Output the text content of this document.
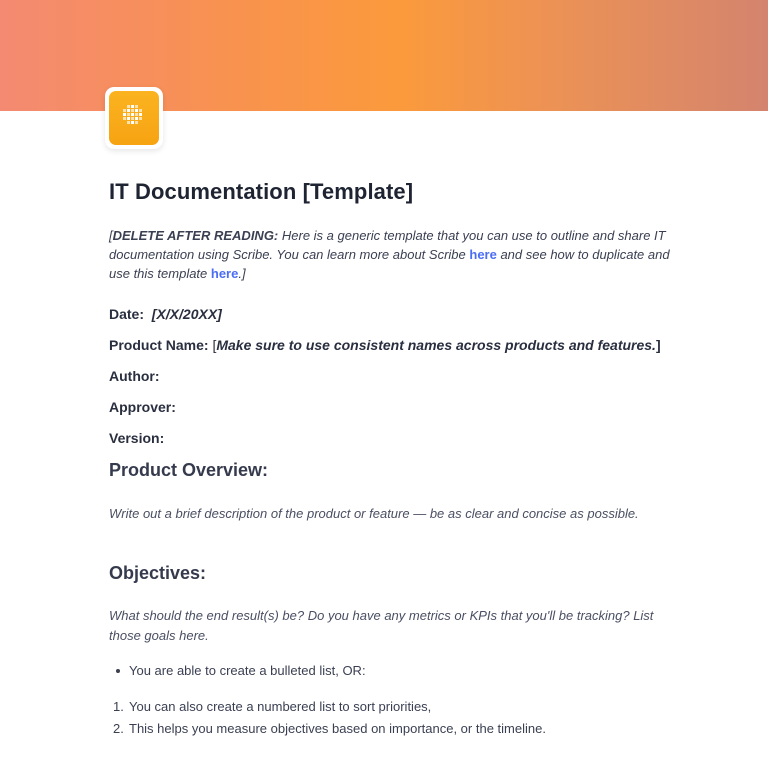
IT Documentation [Template]

[DELETE AFTER READING: Here is a generic template that you can use to outline and share IT documentation using Scribe. You can learn more about Scribe here and see how to duplicate and use this template here.]

Date: [X/X/20XX]

Product Name: [Make sure to use consistent names across products and features.]

Author:

Approver:

Version:

Product Overview:

Write out a brief description of the product or feature — be as clear and concise as possible.

Objectives:

What should the end result(s) be? Do you have any metrics or KPIs that you'll be tracking? List those goals here.

You are able to create a bulleted list, OR:
1. You can also create a numbered list to sort priorities,
2. This helps you measure objectives based on importance, or the timeline.
